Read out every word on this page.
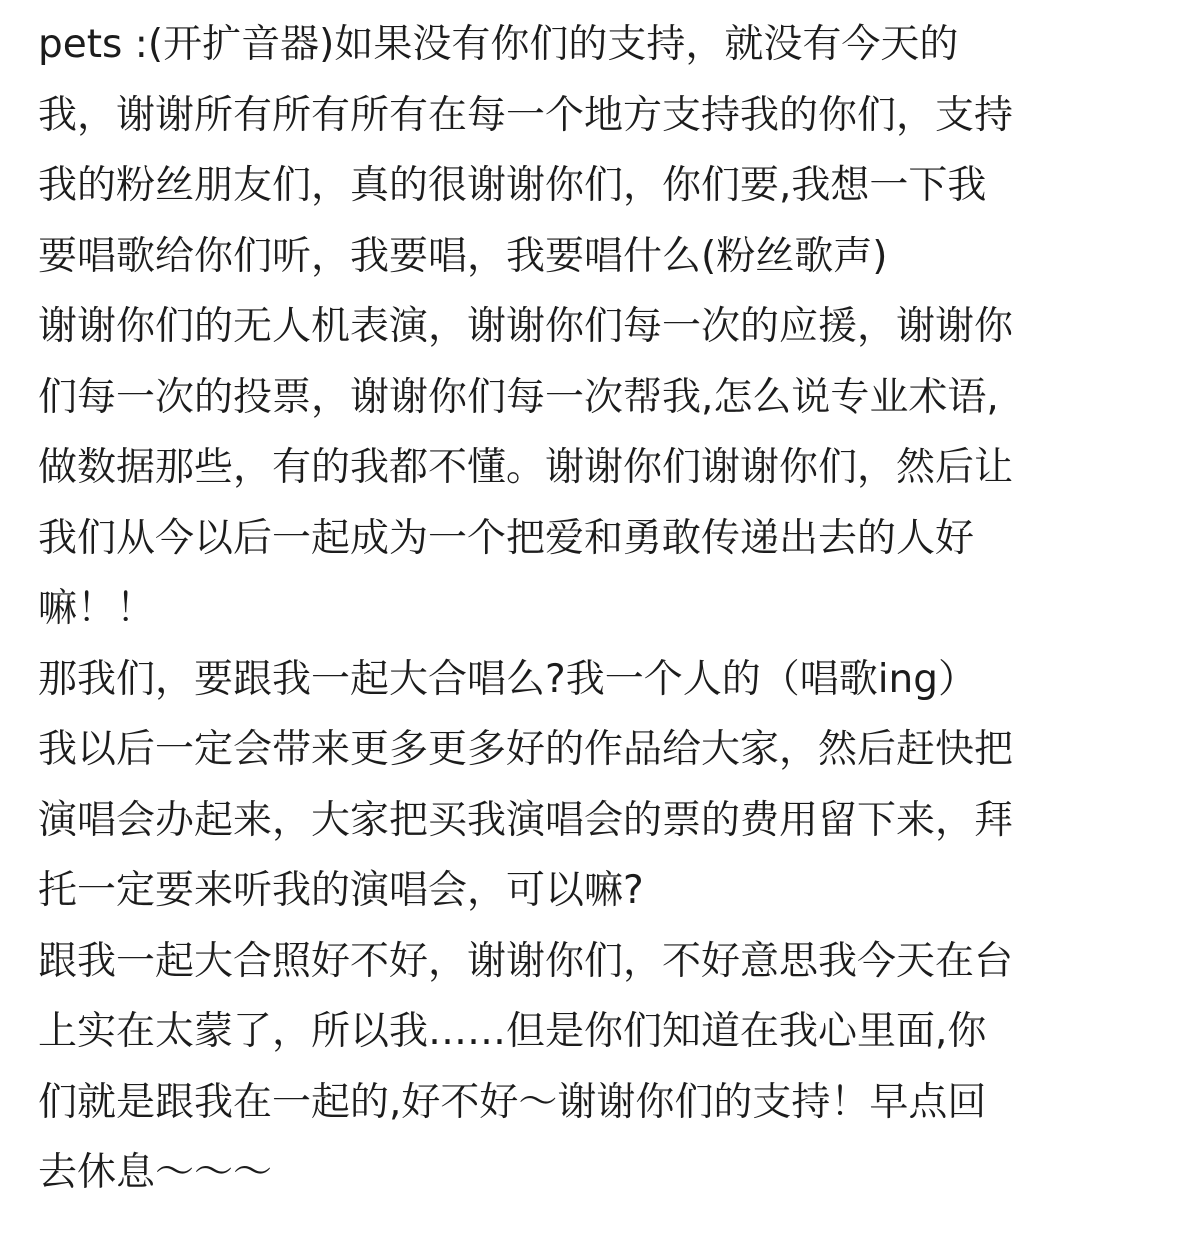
pets :(开扩音器)如果没有你们的支持，就没有今天的
我，谢谢所有所有所有在每一个地方支持我的你们，支持
我的粉丝朋友们，真的很谢谢你们，你们要,我想一下我
要唱歌给你们听，我要唱，我要唱什么(粉丝歌声)
谢谢你们的无人机表演，谢谢你们每一次的应援，谢谢你
们每一次的投票，谢谢你们每一次帮我,怎么说专业术语,
做数据那些，有的我都不懂。谢谢你们谢谢你们，然后让
我们从今以后一起成为一个把爱和勇敢传递出去的人好
嘛！！
那我们，要跟我一起大合唱么?我一个人的（唱歌ing）
我以后一定会带来更多更多好的作品给大家，然后赶快把
演唱会办起来，大家把买我演唱会的票的费用留下来，拜
托一定要来听我的演唱会，可以嘛?
跟我一起大合照好不好，谢谢你们，不好意思我今天在台
上实在太蒙了，所以我……但是你们知道在我心里面,你
们就是跟我在一起的,好不好～谢谢你们的支持！早点回
去休息～～～
